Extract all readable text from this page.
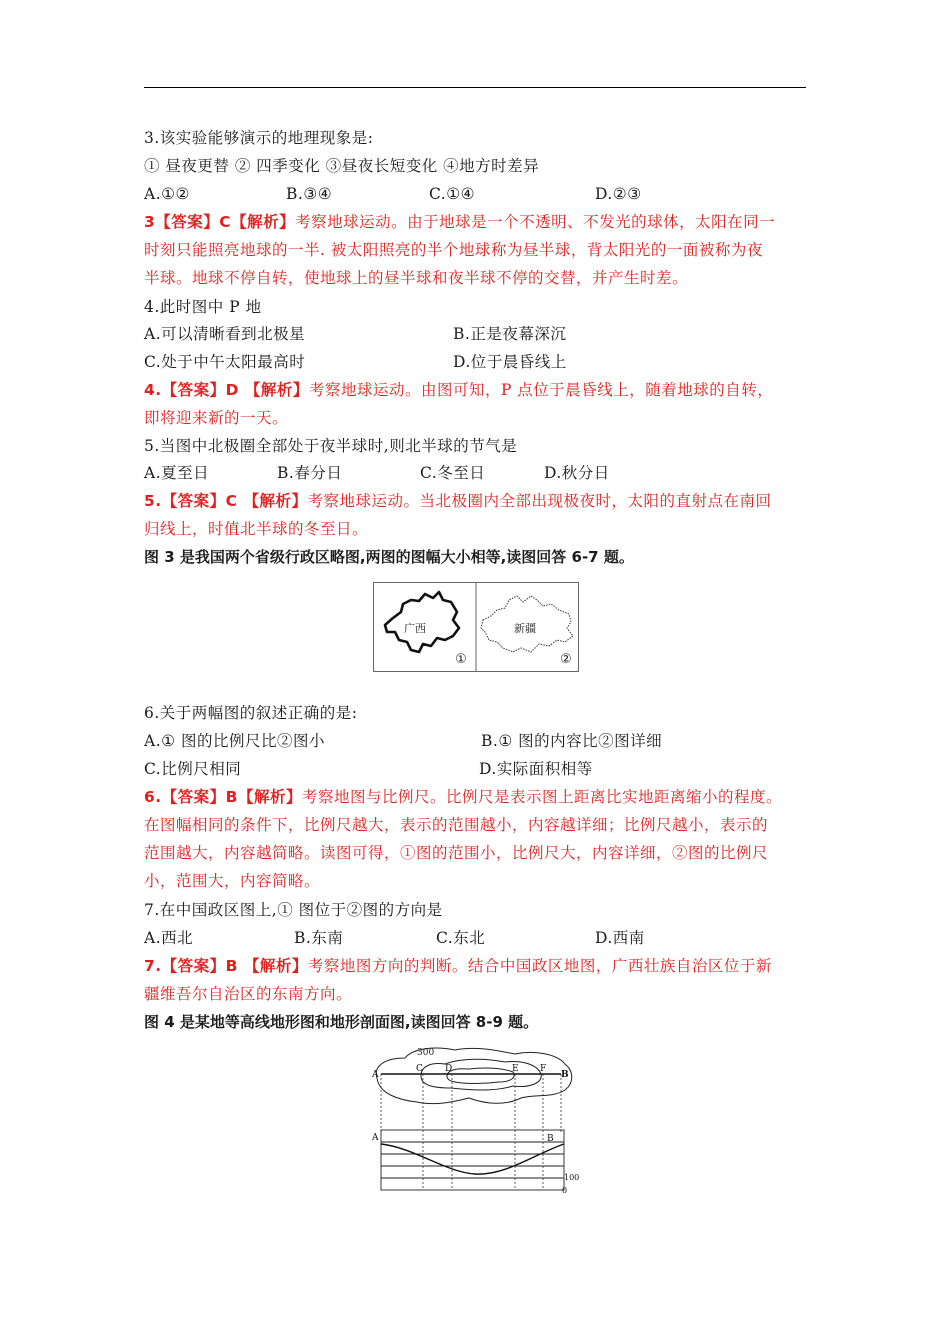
3.该实验能够演示的地理现象是:
① 昼夜更替 ② 四季变化 ③昼夜长短变化 ④地方时差异
A.①②	B.③④	C.①④	D.②③
3【答案】C【解析】考察地球运动。由于地球是一个不透明、不发光的球体，太阳在同一
时刻只能照亮地球的一半. 被太阳照亮的半个地球称为昼半球，背太阳光的一面被称为夜
半球。地球不停自转，使地球上的昼半球和夜半球不停的交替，并产生时差。
4.此时图中 P 地
A.可以清晰看到北极星	B.正是夜幕深沉
C.处于中午太阳最高时	D.位于晨昏线上
4.【答案】D 【解析】考察地球运动。由图可知，P 点位于晨昏线上，随着地球的自转，
即将迎来新的一天。
5.当图中北极圈全部处于夜半球时,则北半球的节气是
A.夏至日	B.春分日	C.冬至日	D.秋分日
5.【答案】C 【解析】考察地球运动。当北极圈内全部出现极夜时，太阳的直射点在南回
归线上，时值北半球的冬至日。
图 3 是我国两个省级行政区略图,两图的图幅大小相等,读图回答 6-7 题。
广西
①
新疆
②
6.关于两幅图的叙述正确的是:
A.① 图的比例尺比②图小	B.① 图的内容比②图详细
C.比例尺相同	D.实际面积相等
6.【答案】B【解析】考察地图与比例尺。比例尺是表示图上距离比实地距离缩小的程度。
在图幅相同的条件下，比例尺越大，表示的范围越小，内容越详细；比例尺越小，表示的
范围越大，内容越简略。读图可得，①图的范围小，比例尺大，内容详细，②图的比例尺
小，范围大，内容简略。
7.在中国政区图上,① 图位于②图的方向是
A.西北	B.东南	C.东北	D.西南
7.【答案】B 【解析】考察地图方向的判断。结合中国政区地图，广西壮族自治区位于新
疆维吾尔自治区的东南方向。
图 4 是某地等高线地形图和地形剖面图,读图回答 8-9 题。
300
A
C D	E F
B
A	B
100
0
